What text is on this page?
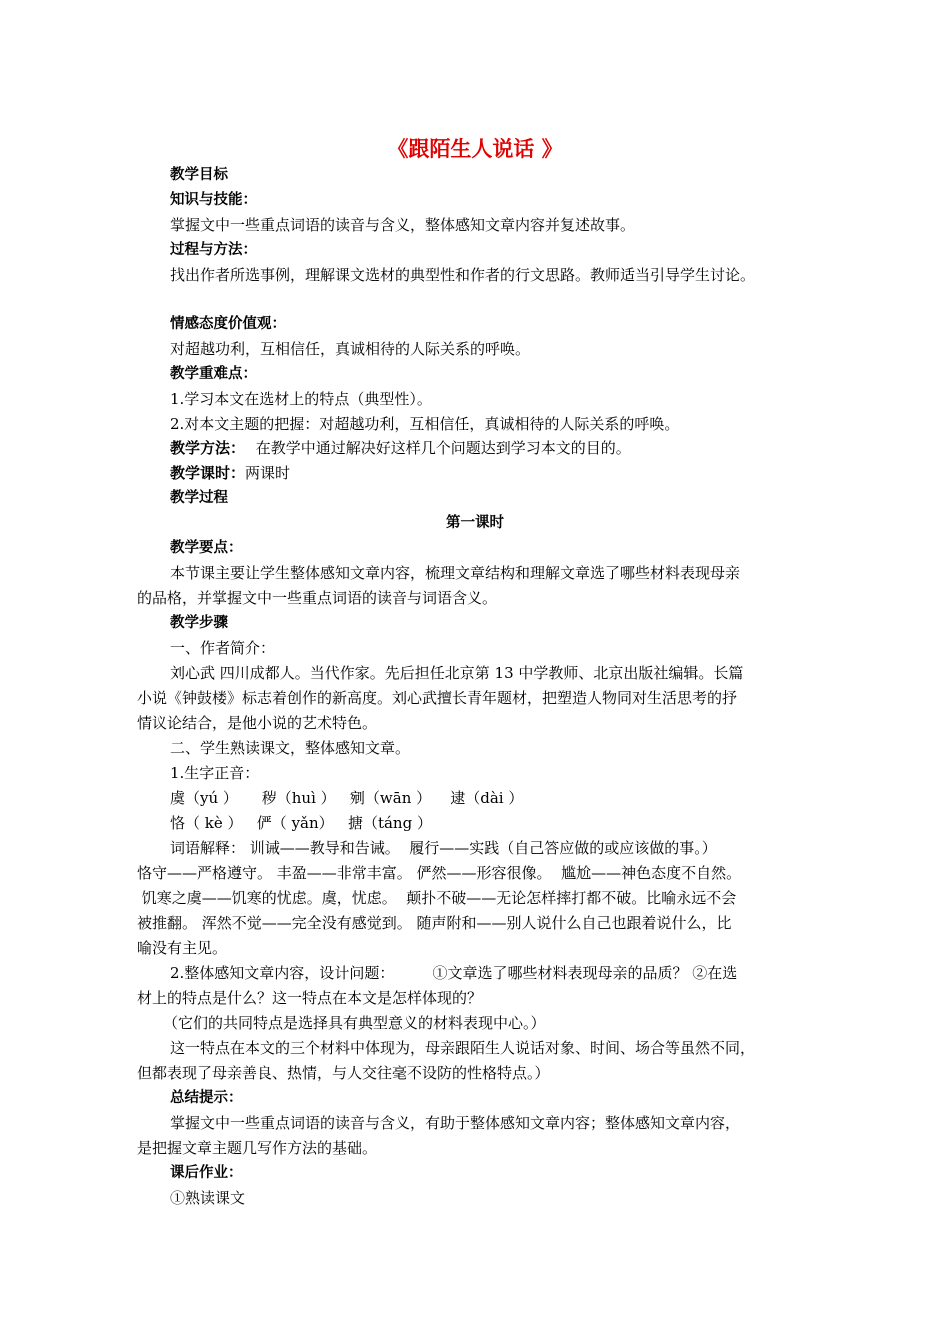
《跟陌生人说话 》
教学目标
知识与技能：
掌握文中一些重点词语的读音与含义，整体感知文章内容并复述故事。
过程与方法：
找出作者所选事例，理解课文选材的典型性和作者的行文思路。教师适当引导学生讨论。
情感态度价值观：
对超越功利，互相信任，真诚相待的人际关系的呼唤。
教学重难点：
1.学习本文在选材上的特点（典型性）。
2.对本文主题的把握：对超越功利，互相信任，真诚相待的人际关系的呼唤。
教学方法： 在教学中通过解决好这样几个问题达到学习本文的目的。
教学课时：两课时
教学过程
第一课时
教学要点：
本节课主要让学生整体感知文章内容，梳理文章结构和理解文章选了哪些材料表现母亲
的品格，并掌握文中一些重点词语的读音与词语含义。
教学步骤
一、作者简介：
刘心武 四川成都人。当代作家。先后担任北京第 13 中学教师、北京出版社编辑。长篇
小说《钟鼓楼》标志着创作的新高度。刘心武擅长青年题材，把塑造人物同对生活思考的抒
情议论结合，是他小说的艺术特色。
二、学生熟读课文，整体感知文章。
1.生字正音：
虞（yú ）     秽（huì ）   剜（wān ）    逮（dài ）
恪（ kè ）   俨（ yǎn）   搪（táng ）
词语解释： 训诫——教导和告诫。  履行——实践（自己答应做的或应该做的事。）
恪守——严格遵守。 丰盈——非常丰富。 俨然——形容很像。  尴尬——神色态度不自然。
饥寒之虞——饥寒的忧虑。虞，忧虑。  颠扑不破——无论怎样摔打都不破。比喻永远不会
被推翻。 浑然不觉——完全没有感觉到。 随声附和——别人说什么自己也跟着说什么，比
喻没有主见。
2.整体感知文章内容，设计问题：        ①文章选了哪些材料表现母亲的品质？ ②在选
材上的特点是什么？这一特点在本文是怎样体现的？
（它们的共同特点是选择具有典型意义的材料表现中心。）
这一特点在本文的三个材料中体现为，母亲跟陌生人说话对象、时间、场合等虽然不同，
但都表现了母亲善良、热情，与人交往毫不设防的性格特点。）
总结提示：
掌握文中一些重点词语的读音与含义，有助于整体感知文章内容；整体感知文章内容，
是把握文章主题几写作方法的基础。
课后作业：
①熟读课文
